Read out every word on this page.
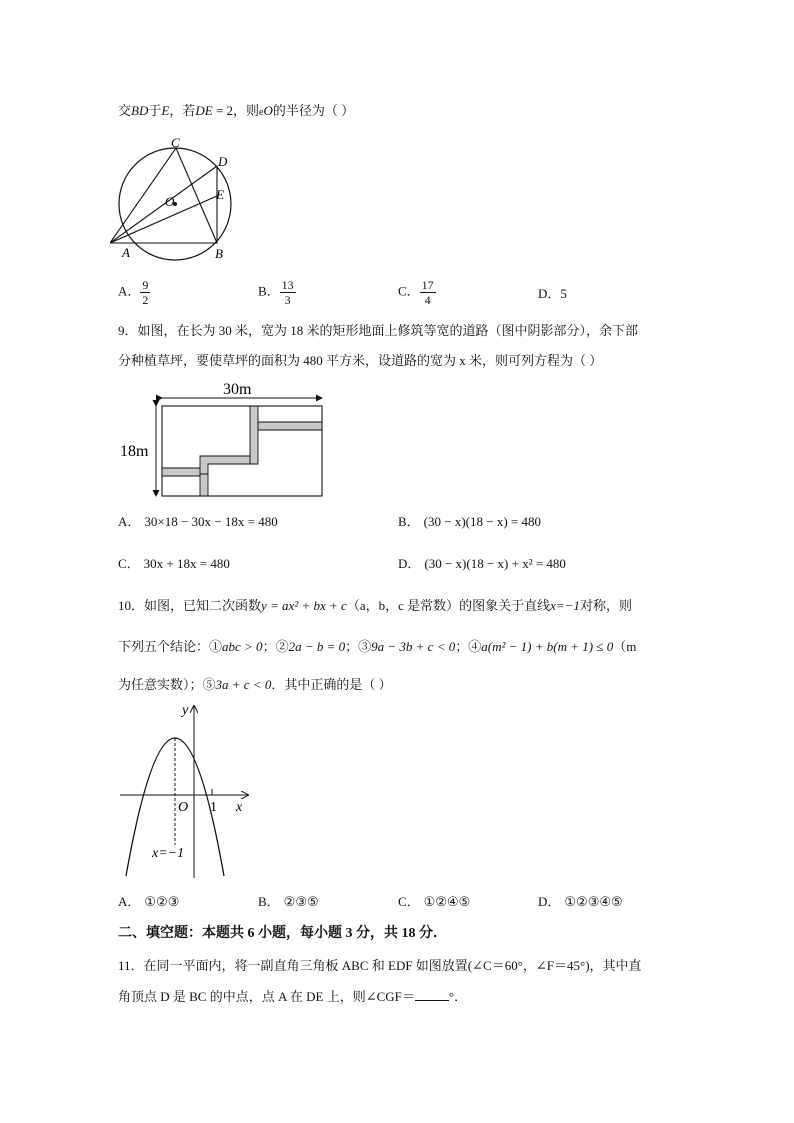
交BD于E，若DE = 2，则eO的半径为（ ）
C
D
E
O
A	B
A． $\frac{9}{2}$	B． $\frac{13}{3}$	C． $\frac{17}{4}$	D．5
9．如图，在长为 30 米，宽为 18 米的矩形地面上修筑等宽的道路（图中阴影部分），余下部
分种植草坪，要使草坪的面积为 480 平方米，设道路的宽为 x 米，则可列方程为（ ）
30m
18m
A． 30×18 − 30x − 18x = 480	B． (30 − x)(18 − x) = 480
C． 30x + 18x = 480	D． (30 − x)(18 − x) + x² = 480
10．如图，已知二次函数y = ax² + bx + c（a，b，c 是常数）的图象关于直线x=−1对称，则
下列五个结论：①abc > 0；②2a − b = 0；③9a − 3b + c < 0；④a(m² − 1) + b(m + 1) ≤ 0（m
为任意实数）；⑤3a + c < 0．其中正确的是（ ）
y
O 1 x
x=−1
A． ①②③	B． ②③⑤	C． ①②④⑤	D． ①②③④⑤
二、填空题：本题共 6 小题，每小题 3 分，共 18 分．
11．在同一平面内，将一副直角三角板 ABC 和 EDF 如图放置(∠C＝60°，∠F＝45°)，其中直
角顶点 D 是 BC 的中点，点 A 在 DE 上，则∠CGF＝	°．
